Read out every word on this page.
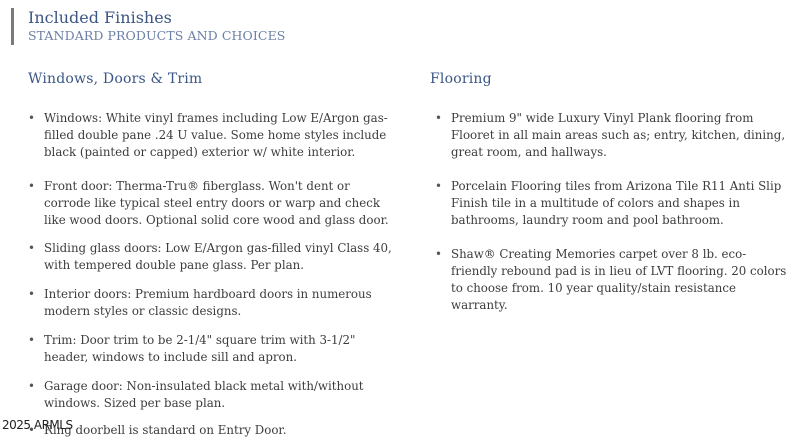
Included Finishes
STANDARD PRODUCTS AND CHOICES
Windows, Doors & Trim	Flooring
• Windows: White vinyl frames including Low E/Argon gas-filled double pane .24 U value. Some home styles include black (painted or capped) exterior w/ white interior.
• Front door: Therma-Tru® fiberglass. Won't dent or corrode like typical steel entry doors or warp and check like wood doors. Optional solid core wood and glass door.
• Sliding glass doors: Low E/Argon gas-filled vinyl Class 40, with tempered double pane glass. Per plan.
• Interior doors: Premium hardboard doors in numerous modern styles or classic designs.
• Trim: Door trim to be 2-1/4" square trim with 3-1/2" header, windows to include sill and apron.
• Garage door: Non-insulated black metal with/without windows. Sized per base plan.
• Ring doorbell is standard on Entry Door.
• Premium 9" wide Luxury Vinyl Plank flooring from Flooret in all main areas such as; entry, kitchen, dining, great room, and hallways.
• Porcelain Flooring tiles from Arizona Tile R11 Anti Slip Finish tile in a multitude of colors and shapes in bathrooms, laundry room and pool bathroom.
• Shaw® Creating Memories carpet over 8 lb. eco-friendly rebound pad is in lieu of LVT flooring. 20 colors to choose from. 10 year quality/stain resistance warranty.
2025 ARMLS
